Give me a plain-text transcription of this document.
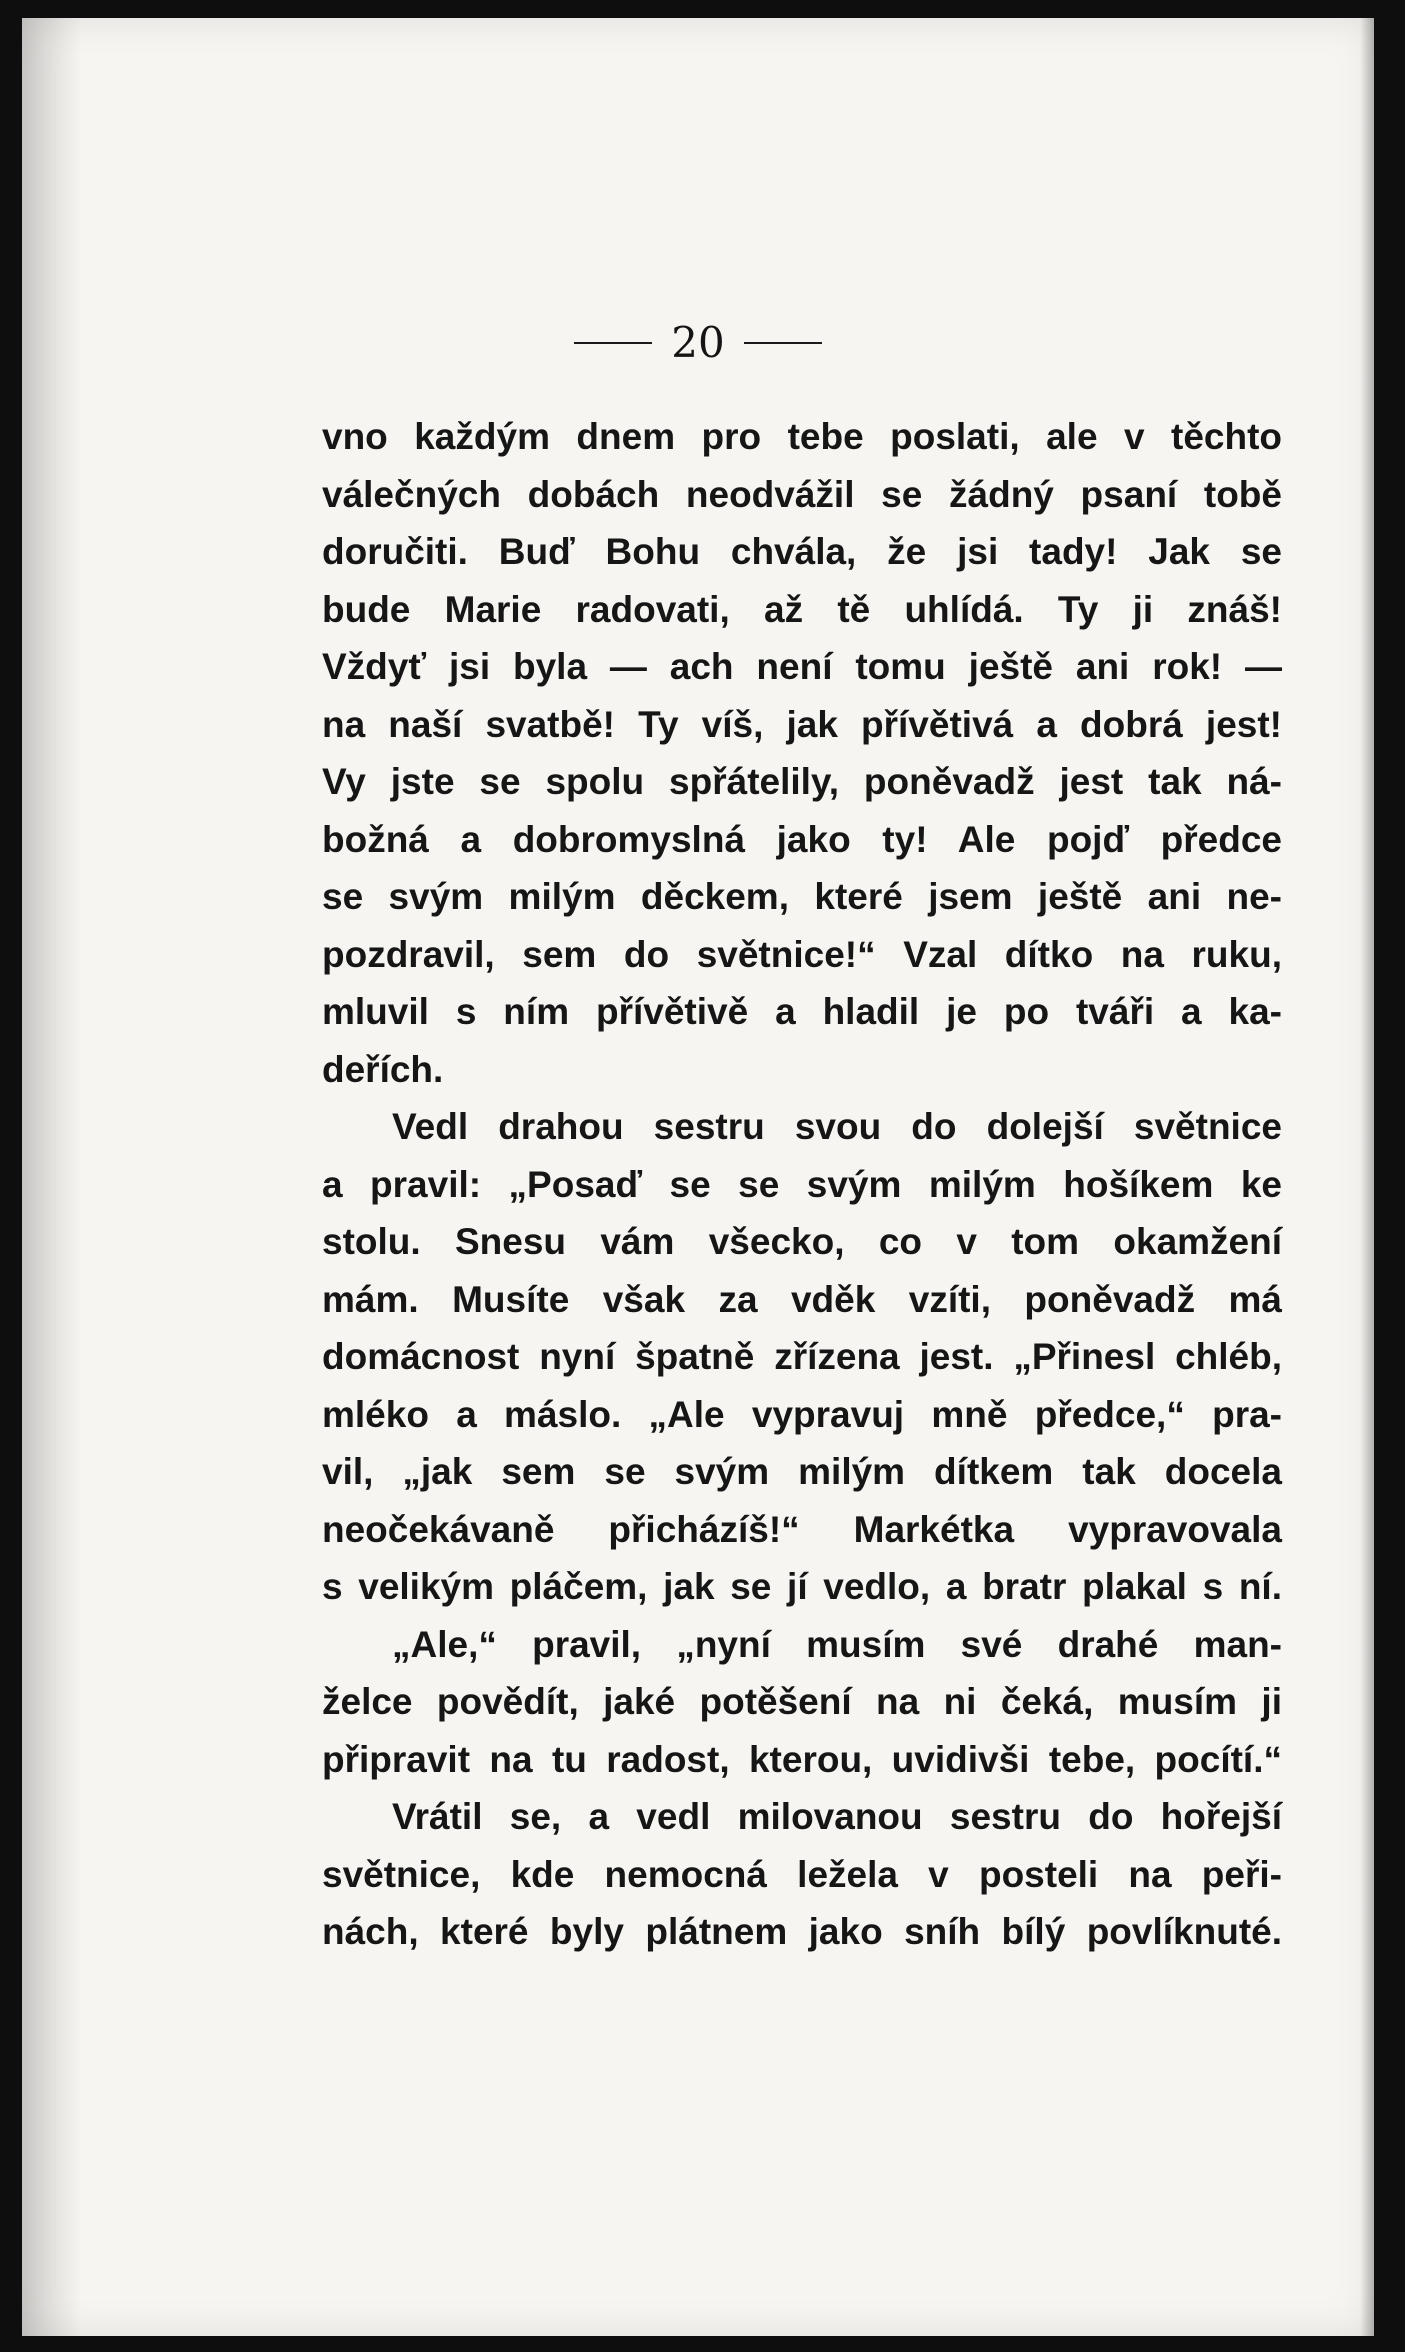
20
vno každým dnem pro tebe poslati, ale v těchto
válečných dobách neodvážil se žádný psaní tobě
doručiti. Buď Bohu chvála, že jsi tady! Jak se
bude Marie radovati, až tě uhlídá. Ty ji znáš!
Vždyť jsi byla — ach není tomu ještě ani rok! —
na naší svatbě! Ty víš, jak přívětivá a dobrá jest!
Vy jste se spolu spřátelily, poněvadž jest tak ná-
božná a dobromyslná jako ty! Ale pojď předce
se svým milým děckem, které jsem ještě ani ne-
pozdravil, sem do světnice!“ Vzal dítko na ruku,
mluvil s ním přívětivě a hladil je po tváři a ka-
deřích.
Vedl drahou sestru svou do dolejší světnice
a pravil: „Posaď se se svým milým hošíkem ke
stolu. Snesu vám všecko, co v tom okamžení
mám. Musíte však za vděk vzíti, poněvadž má
domácnost nyní špatně zřízena jest. „Přinesl chléb,
mléko a máslo. „Ale vypravuj mně předce,“ pra-
vil, „jak sem se svým milým dítkem tak docela
neočekávaně přicházíš!“ Markétka vypravovala
s velikým pláčem, jak se jí vedlo, a bratr plakal s ní.
„Ale,“ pravil, „nyní musím své drahé man-
želce povědít, jaké potěšení na ni čeká, musím ji
připravit na tu radost, kterou, uvidivši tebe, pocítí.“
Vrátil se, a vedl milovanou sestru do hořejší
světnice, kde nemocná ležela v posteli na peři-
nách, které byly plátnem jako sníh bílý povlíknuté.
